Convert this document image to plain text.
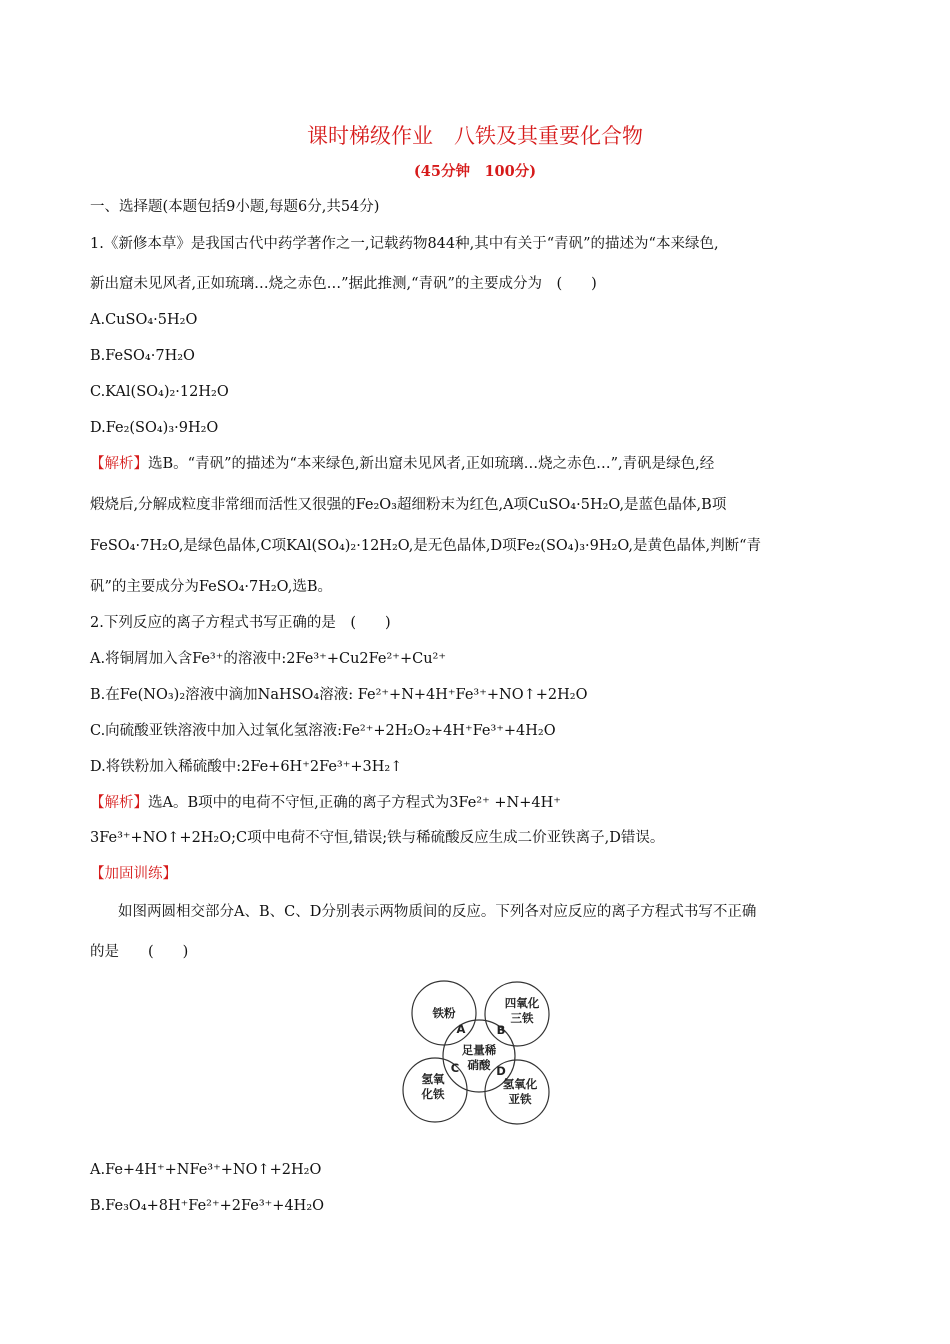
课时梯级作业　八铁及其重要化合物
(45分钟　100分)
一、选择题(本题包括9小题,每题6分,共54分)
1.《新修本草》是我国古代中药学著作之一,记载药物844种,其中有关于“青矾”的描述为“本来绿色,
新出窟未见风者,正如琉璃…烧之赤色…”据此推测,“青矾”的主要成分为　(　　)
A.CuSO₄·5H₂O
B.FeSO₄·7H₂O
C.KAl(SO₄)₂·12H₂O
D.Fe₂(SO₄)₃·9H₂O
【解析】选B。“青矾”的描述为“本来绿色,新出窟未见风者,正如琉璃…烧之赤色…”,青矾是绿色,经
煅烧后,分解成粒度非常细而活性又很强的Fe₂O₃超细粉末为红色,A项CuSO₄·5H₂O,是蓝色晶体,B项
FeSO₄·7H₂O,是绿色晶体,C项KAl(SO₄)₂·12H₂O,是无色晶体,D项Fe₂(SO₄)₃·9H₂O,是黄色晶体,判断“青
矾”的主要成分为FeSO₄·7H₂O,选B。
2.下列反应的离子方程式书写正确的是　(　　)
A.将铜屑加入含Fe³⁺的溶液中:2Fe³⁺+Cu2Fe²⁺+Cu²⁺
B.在Fe(NO₃)₂溶液中滴加NaHSO₄溶液: Fe²⁺+N+4H⁺Fe³⁺+NO↑+2H₂O
C.向硫酸亚铁溶液中加入过氧化氢溶液:Fe²⁺+2H₂O₂+4H⁺Fe³⁺+4H₂O
D.将铁粉加入稀硫酸中:2Fe+6H⁺2Fe³⁺+3H₂↑
【解析】选A。B项中的电荷不守恒,正确的离子方程式为3Fe²⁺ +N+4H⁺
3Fe³⁺+NO↑+2H₂O;C项中电荷不守恒,错误;铁与稀硫酸反应生成二价亚铁离子,D错误。
【加固训练】
如图两圆相交部分A、B、C、D分别表示两物质间的反应。下列各对应反应的离子方程式书写不正确
的是　　(　　)
铁粉
四氧化
三铁
足量稀
硝酸
氢氧
化铁
氢氧化
亚铁
A	B
C	D
A.Fe+4H⁺+NFe³⁺+NO↑+2H₂O
B.Fe₃O₄+8H⁺Fe²⁺+2Fe³⁺+4H₂O
